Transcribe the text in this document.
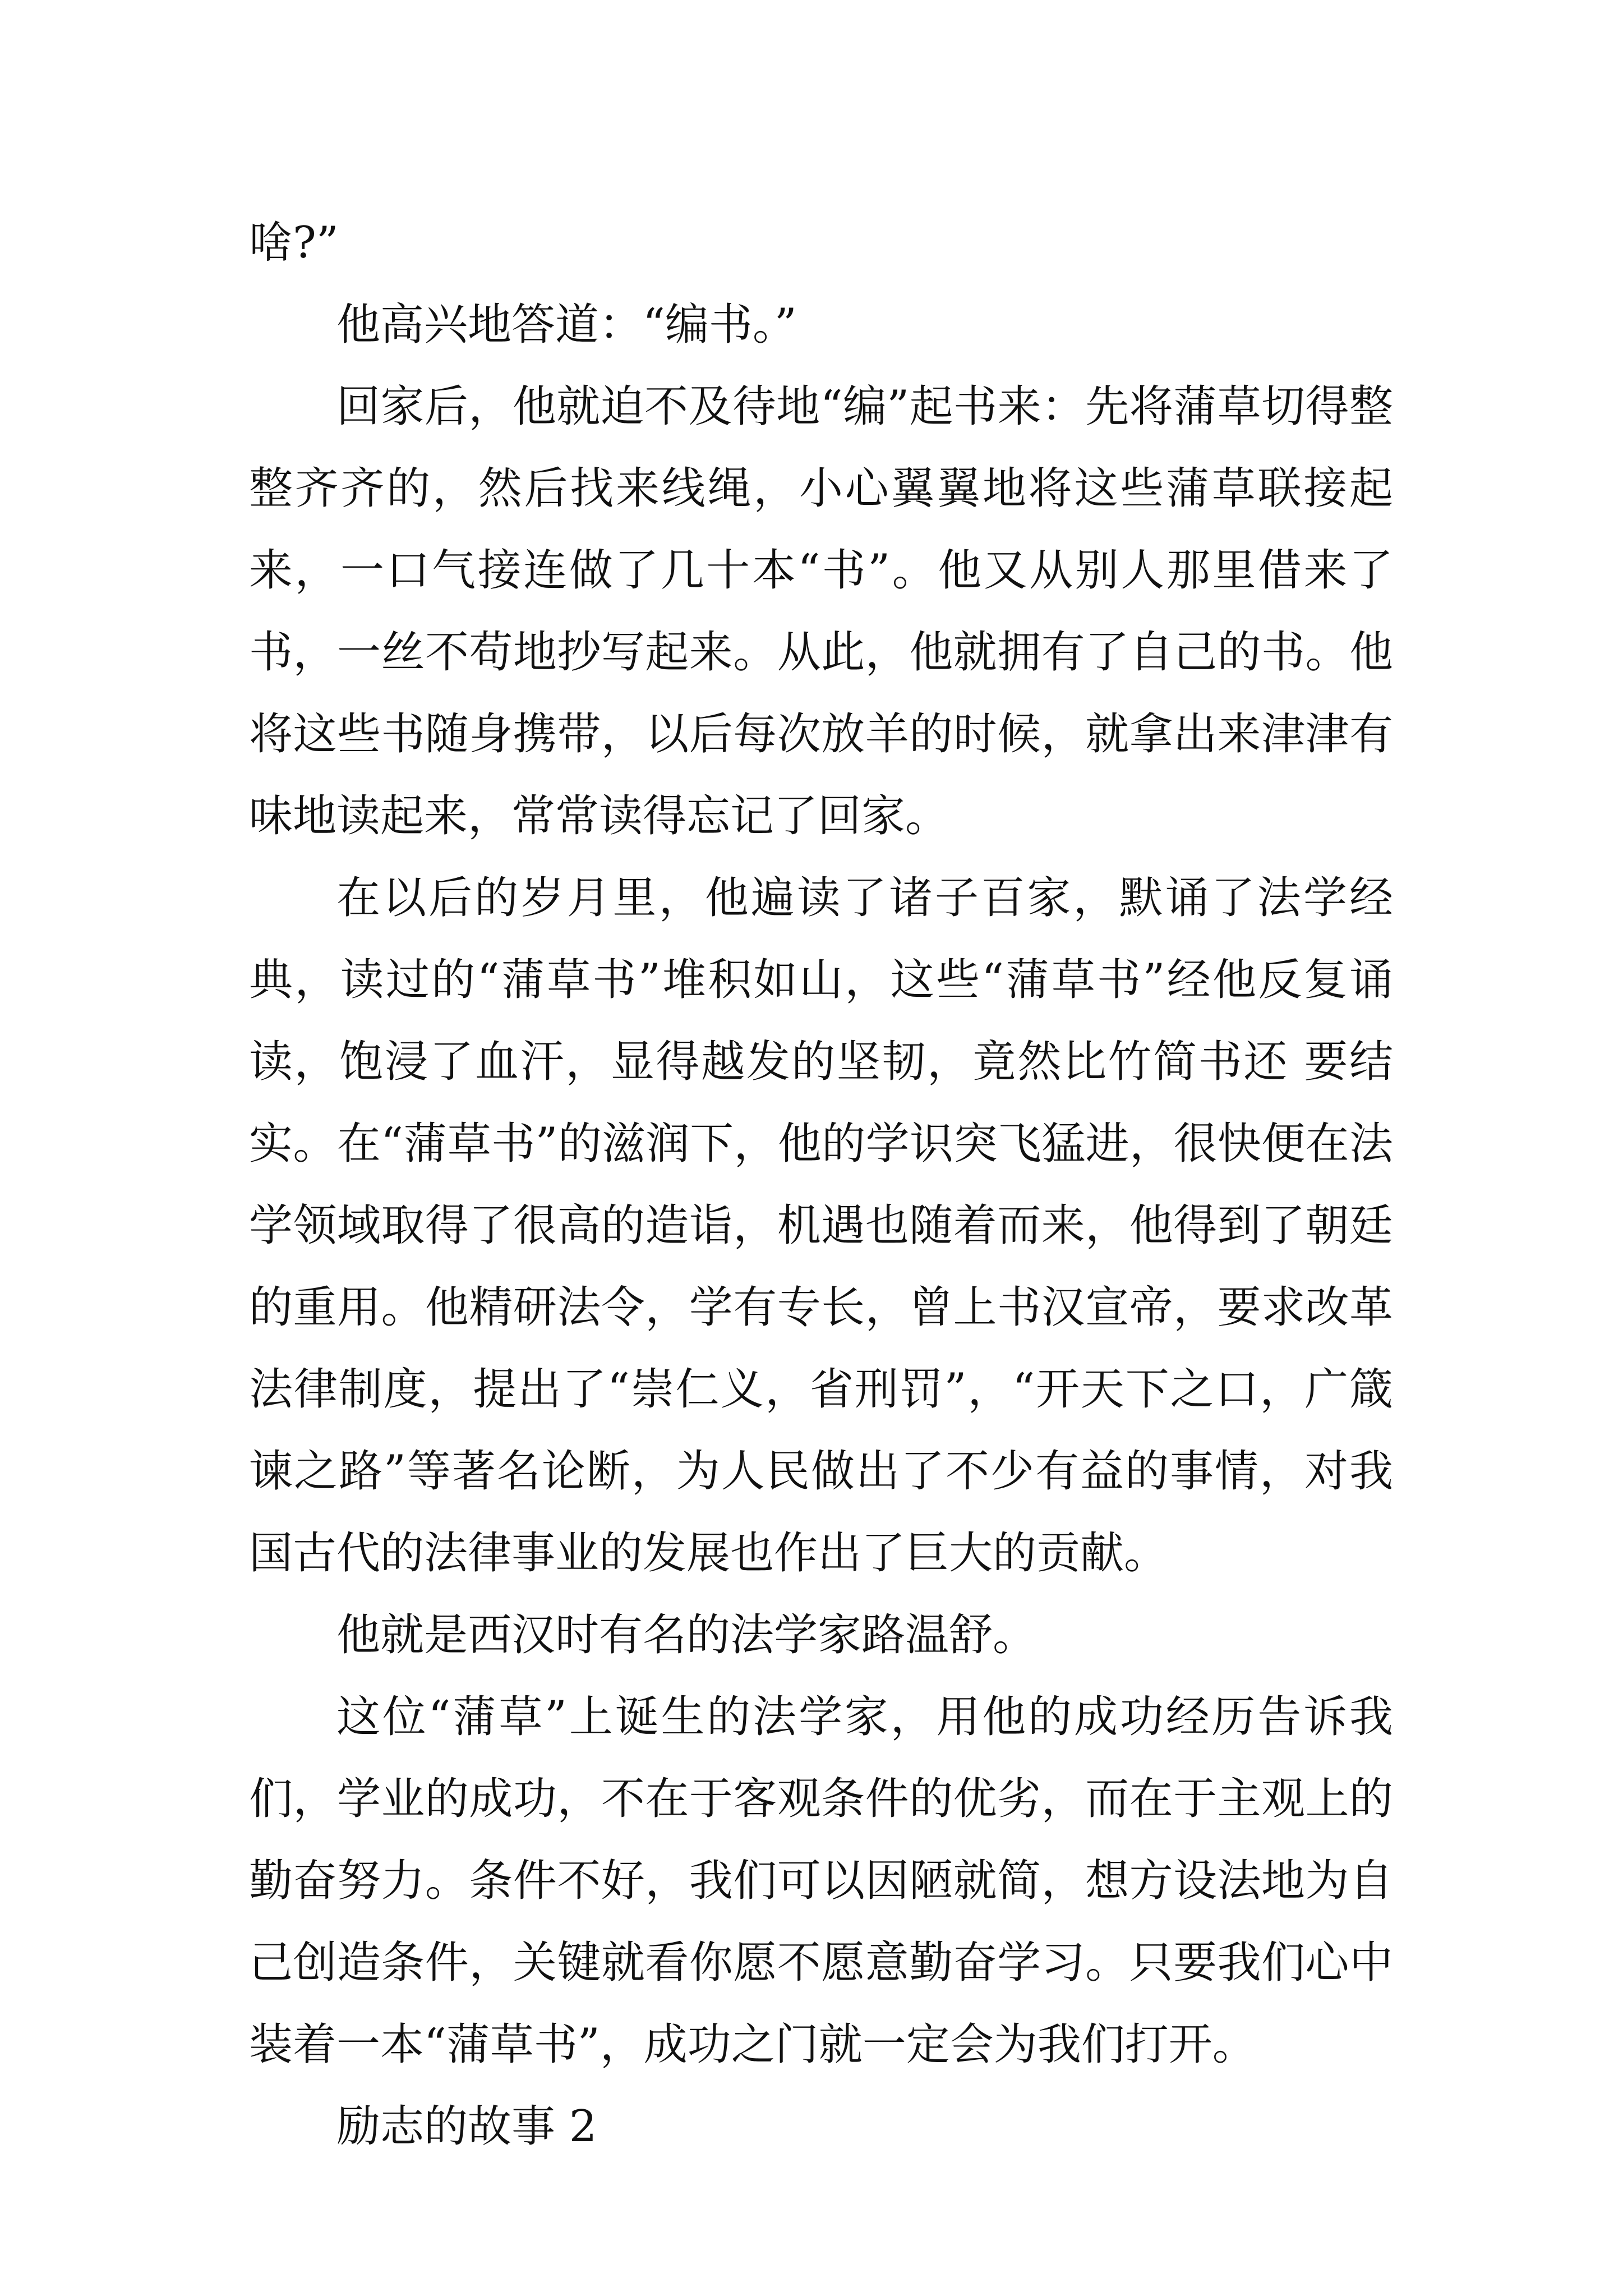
啥?”

他高兴地答道：“编书。”

回家后，他就迫不及待地“编”起书来：先将蒲草切得整整齐齐的，然后找来线绳，小心翼翼地将这些蒲草联接起来，一口气接连做了几十本“书”。他又从别人那里借来了书，一丝不苟地抄写起来。从此，他就拥有了自己的书。他将这些书随身携带，以后每次放羊的时候，就拿出来津津有味地读起来，常常读得忘记了回家。

在以后的岁月里，他遍读了诸子百家，默诵了法学经典，读过的“蒲草书”堆积如山，这些“蒲草书”经他反复诵读，饱浸了血汗，显得越发的坚韧，竟然比竹简书还 要结实。在“蒲草书”的滋润下，他的学识突飞猛进，很快便在法学领域取得了很高的造诣，机遇也随着而来，他得到了朝廷的重用。他精研法令，学有专长，曾上书汉宣帝，要求改革法律制度，提出了“崇仁义，省刑罚”，“开天下之口，广箴谏之路”等著名论断，为人民做出了不少有益的事情，对我国古代的法律事业的发展也作出了巨大的贡献。

他就是西汉时有名的法学家路温舒。

这位“蒲草”上诞生的法学家，用他的成功经历告诉我们，学业的成功，不在于客观条件的优劣，而在于主观上的勤奋努力。条件不好，我们可以因陋就简，想方设法地为自己创造条件，关键就看你愿不愿意勤奋学习。只要我们心中装着一本“蒲草书”，成功之门就一定会为我们打开。

励志的故事 2
